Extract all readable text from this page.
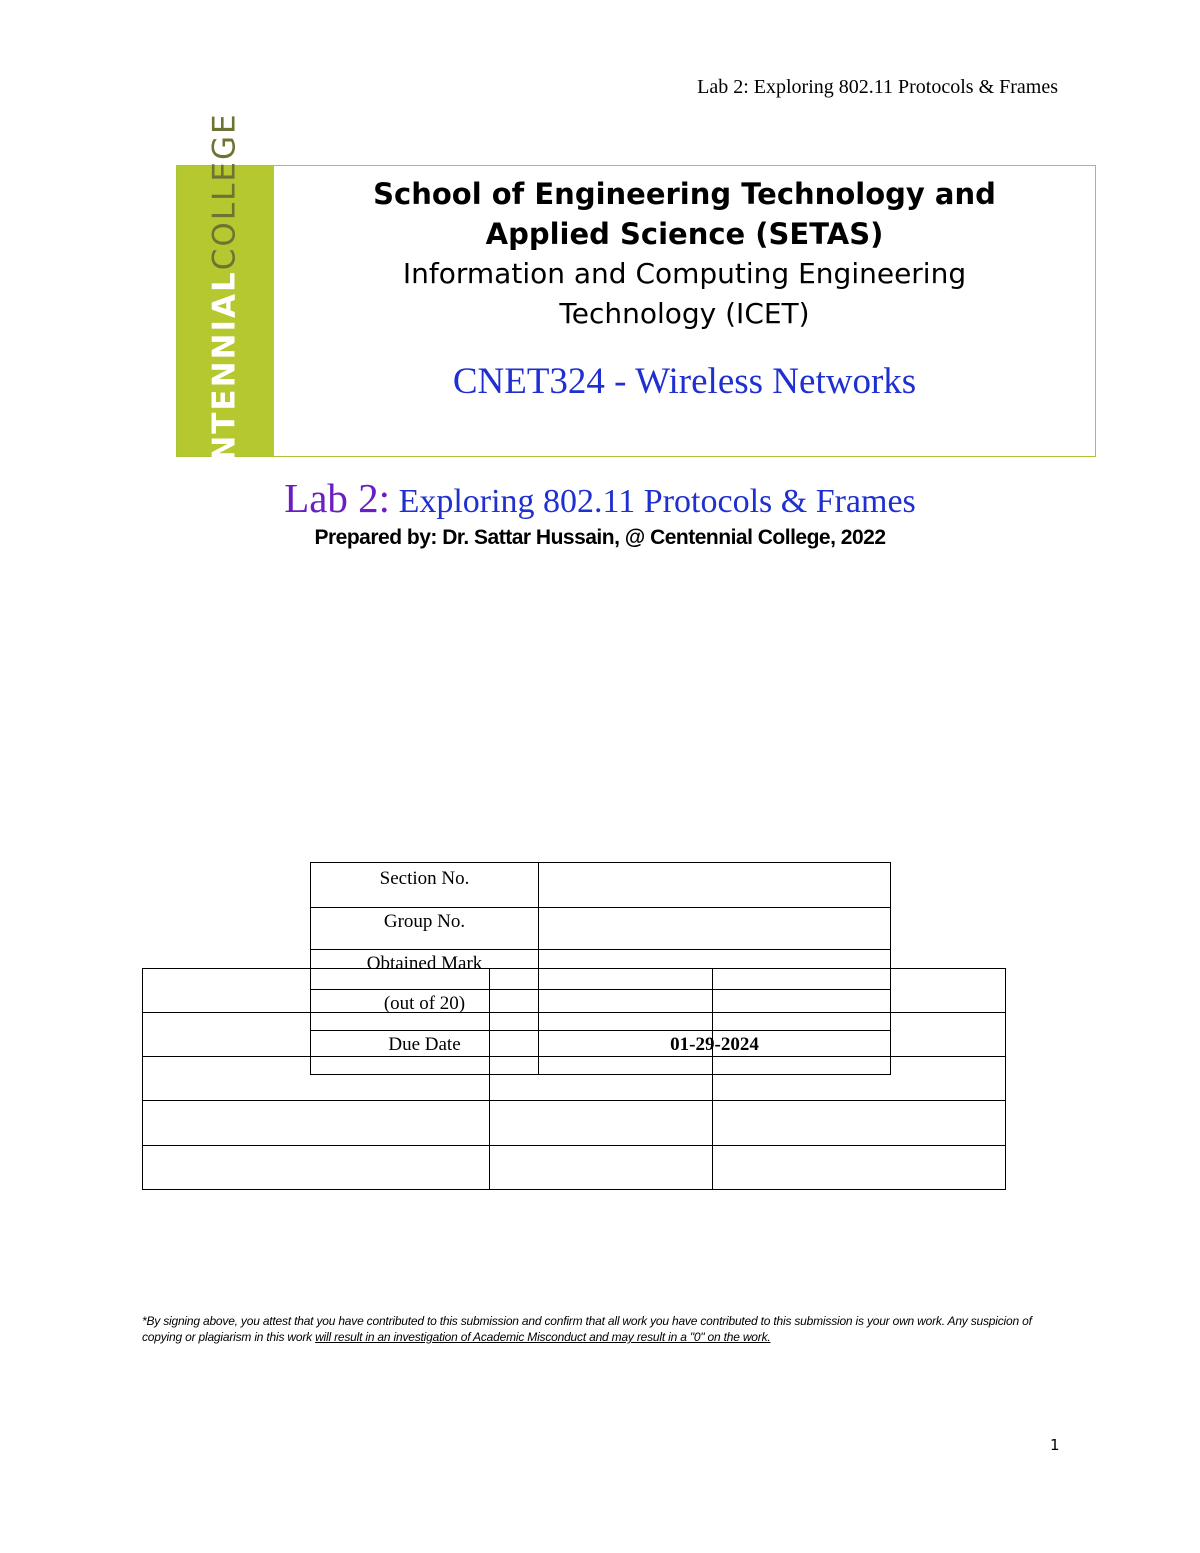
Lab 2: Exploring 802.11 Protocols & Frames
CENTENNIALCOLLEGE	School of Engineering Technology and
Applied Science (SETAS)
Information and Computing Engineering
Technology (ICET)
CNET324 - Wireless Networks
Lab 2: Exploring 802.11 Protocols & Frames
Prepared by: Dr. Sattar Hussain, @ Centennial College, 2022

Section No.	

Group No.	

Obtained Mark	

(out of 20)	

Due Date	01-29-2024
*By signing above, you attest that you have contributed to this submission and confirm that all work you have contributed to this submission is your own work. Any suspicion of copying or plagiarism in this work will result in an investigation of Academic Misconduct and may result in a "0" on the work.
1
